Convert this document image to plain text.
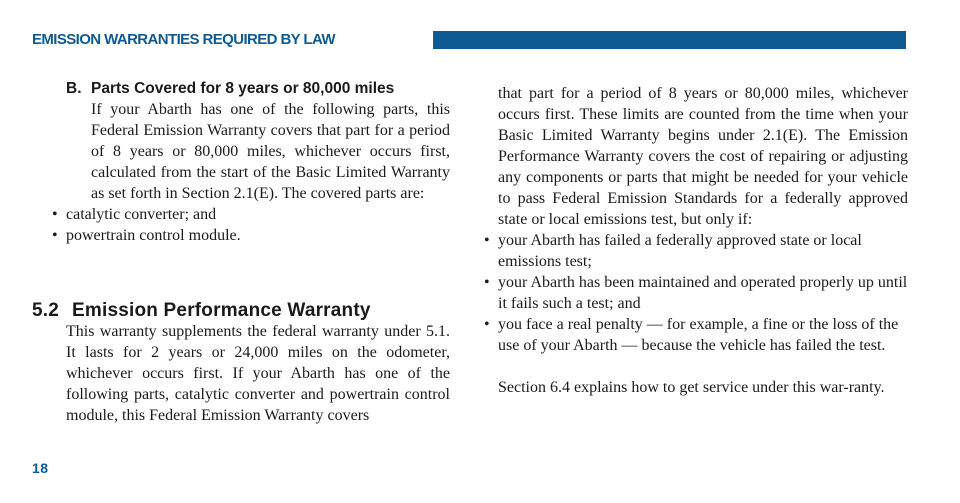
EMISSION WARRANTIES REQUIRED BY LAW

B. Parts Covered for 8 years or 80,000 miles

If your Abarth has one of the following parts, this Federal Emission Warranty covers that part for a period of 8 years or 80,000 miles, whichever occurs first, calculated from the start of the Basic Limited Warranty as set forth in Section 2.1(E). The covered parts are:

• catalytic converter; and
• powertrain control module.
5.2 Emission Performance Warranty

This warranty supplements the federal warranty under 5.1. It lasts for 2 years or 24,000 miles on the odometer, whichever occurs first. If your Abarth has one of the following parts, catalytic converter and powertrain control module, this Federal Emission Warranty covers

that part for a period of 8 years or 80,000 miles, whichever occurs first. These limits are counted from the time when your Basic Limited Warranty begins under 2.1(E). The Emission Performance Warranty covers the cost of repairing or adjusting any components or parts that might be needed for your vehicle to pass Federal Emission Standards for a federally approved state or local emissions test, but only if:

• your Abarth has failed a federally approved state or local emissions test;
• your Abarth has been maintained and operated properly up until it fails such a test; and
• you face a real penalty — for example, a fine or the loss of the use of your Abarth — because the vehicle has failed the test.

Section 6.4 explains how to get service under this war-ranty.

18
